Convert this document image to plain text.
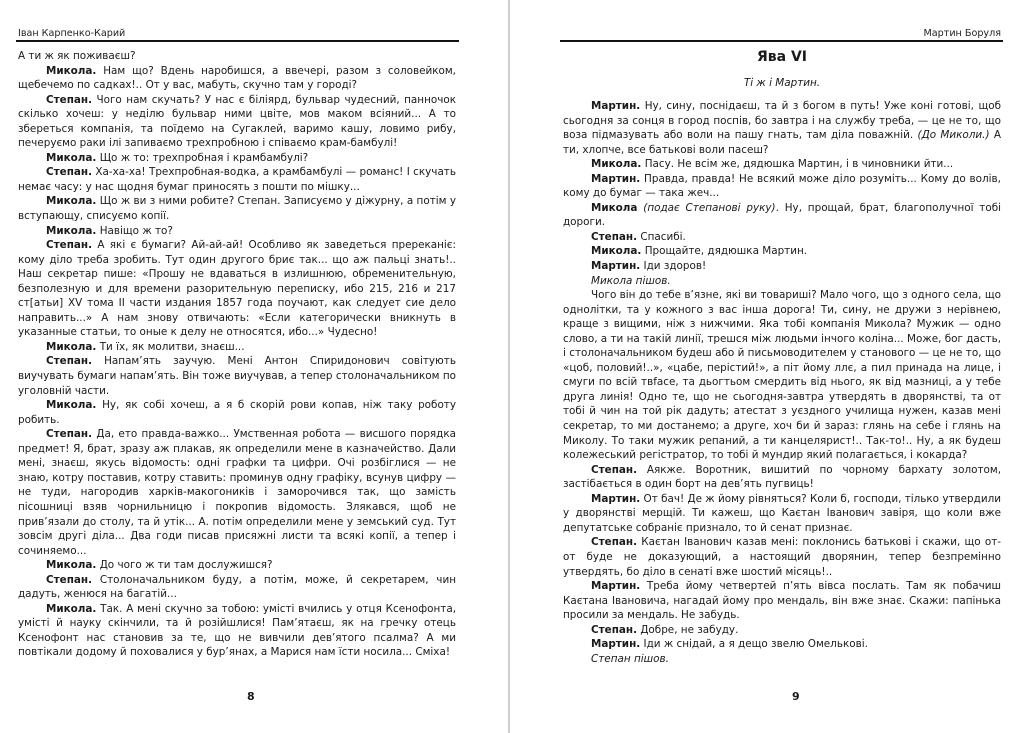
Іван Карпенко-Карий

А ти ж як поживаєш?

Микола. Нам що? Вдень наробишся, а ввечері, разом з соловейком, щебечемо по садках!.. От у вас, мабуть, скучно там у городі?

Степан. Чого нам скучать? У нас є біліярд, бульвар чудесний, панночок скілько хочеш: у неділю бульвар ними цвіте, мов маком всіяний... А то збереться компанія, та поїдемо на Сугаклей, варимо кашу, ловимо рибу, печеруємо раки ілі запиваємо трехпробною і співаємо крам-бамбулі!

Микола. Що ж то: трехпробная і крамбамбулі?

Степан. Ха-ха-ха! Трехпробная-водка, а крамбамбулі — романс! І скучать немає часу: у нас щодня бумаг приносять з пошти по мішку...

Микола. Що ж ви з ними робите? Степан. Записуємо у діжурну, а потім у вступающу, списуємо копії.

Микола. Навіщо ж то?

Степан. А які є бумаги? Ай-ай-ай! Особливо як заведеться пререканіє: кому діло треба зробить. Тут один другого бриє так... що аж пальці знать!.. Наш секретар пише: «Прошу не вдаваться в излишнюю, обременительную, безполезную и для времени разорительную переписку, ибо 215, 216 и 217 ст[атьи] XV тома II части издания 1857 года поучают, как следует сие дело направить...» А нам знову отвичають: «Если категорически вникнуть в указанные статьи, то оные к делу не относятся, ибо...» Чудесно!

Микола. Ти їх, як молитви, знаєш...

Степан. Напам’ять заучую. Мені Антон Спиридонович совітують виучувать бумаги напам’ять. Він тоже виучував, а тепер столоначальником по уголовній части.

Микола. Ну, як собі хочеш, а я б скорій рови копав, ніж таку роботу робить.

Степан. Да, ето правда-важко... Умственная робота — висшого порядка предмет! Я, брат, зразу аж плакав, як определили мене в казначейство. Дали мені, знаєш, якусь відомость: одні графки та цифри. Очі розбіглися — не знаю, котру поставив, котру ставить: проминув одну графіку, всунув цифру — не туди, нагородив харків-макогоників і заморочився так, що замість пісошниці взяв чорнильницю і покропив відомость. Злякався, щоб не прив’язали до столу, та й утік... А. потім определили мене у земський суд. Тут зовсім другі діла... Два годи писав присяжні листи та всякі копії, а тепер і сочиняемо...

Микола. До чого ж ти там дослужишся?

Степан. Столоначальником буду, а потім, може, й секретарем, чин дадуть, женюся на багатій...

Микола. Так. А мені скучно за тобою: умісті вчились у отця Ксенофонта, умісті й науку скінчили, та й розійшлися! Пам’ятаєш, як на гречку отець Ксенофонт нас становив за те, що не вивчили дев’ятого псалма? А ми повтікали додому й поховалися у бур’янах, а Марися нам їсти носила... Сміха!

8
Мартин Боруля
Ява VI
Ті ж і Мартин.

Мартин. Ну, сину, поснідаєш, та й з богом в путь! Уже коні готові, щоб сьогодня за сонця в город поспів, бо завтра і на службу треба, — це не то, що воза підмазувать або воли на пашу гнать, там діла поважній. (До Миколи.) А ти, хлопче, все батькові воли пасеш?

Микола. Пасу. Не всім же, дядюшка Мартин, і в чиновники йти...

Мартин. Правда, правда! Не всякий може діло розуміть... Кому до волів, кому до бумаг — така жеч...

Микола (подає Степанові руку). Ну, прощай, брат, благополучної тобі дороги.

Степан. Спасибі.

Микола. Прощайте, дядюшка Мартин.

Мартин. Іди здоров!

Микола пішов.

Чого він до тебе в’язне, які ви товариші? Мало чого, що з одного села, що однолітки, та у кожного з вас інша дорога! Ти, сину, не дружи з нерівнею, краще з вищими, ніж з нижчими. Яка тобі компанія Микола? Мужик — одно слово, а ти на такій линії, трешся між людьми інчого коліна... Може, бог дасть, і столоначальником будеш або й письмоводителем у станового — це не то, що «цоб, половий!..», «цабе, перістий!», а піт йому ллє, а пил принада на лице, і смуги по всій твface, та дьогтьом смердить від нього, як від мазниці, а у тебе друга линія! Одно те, що не сьогодня-завтра утвердять в дворянстві, та от тобі й чин на той рік дадуть; атестат з уєздного училища нужен, казав мені секретар, то ми достанемо; а друге, хоч би й зараз: глянь на себе і глянь на Миколу. То таки мужик репаний, а ти канцелярист!.. Так-то!.. Ну, а як будеш колежеський регістратор, то тобі й мундир який полагається, і кокарда?

Степан. Аякже. Воротник, вишитий по чорному бархату золотом, застібається в один борт на дев’ять пугвиць!

Мартин. От бач! Де ж йому рівняться? Коли б, господи, тілько утвердили у дворянстві мерщій. Ти кажеш, що Каєтан Іванович завіря, що коли вже депутатське собраніє признало, то й сенат признає.

Степан. Каєтан Іванович казав мені: поклонись батькові і скажи, що от-от буде не доказующий, а настоящий дворянин, тепер безпремінно утвердять, бо діло в сенаті вже шостий місяць!..

Мартин. Треба йому четвертей п’ять вівса послать. Там як побачиш Каєтана Івановича, нагадай йому про мендаль, він вже знає. Скажи: папінька просили за мендаль. Не забудь.

Степан. Добре, не забуду.

Мартин. Іди ж снідай, а я дещо звелю Омелькові.

Степан пішов.

9
